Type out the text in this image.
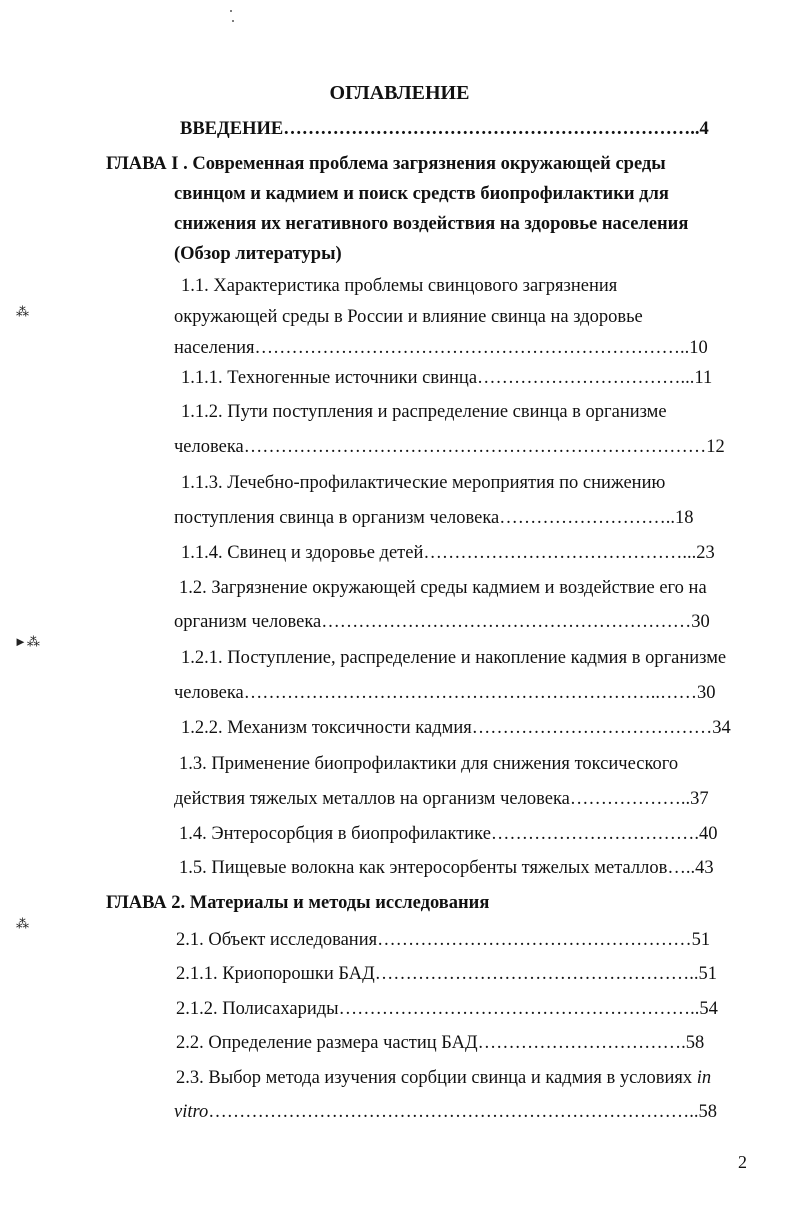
ОГЛАВЛЕНИЕ
ВВЕДЕНИЕ…………………………………………………………..4
ГЛАВА I . Современная проблема загрязнения окружающей среды
свинцом и кадмием и поиск средств биопрофилактики для
снижения их негативного воздействия на здоровье населения
(Обзор литературы)
1.1. Характеристика проблемы свинцового загрязнения
окружающей среды в России и влияние свинца на здоровье
населения……………………………………………………………..10
1.1.1. Техногенные источники свинца……………………………...11
1.1.2. Пути поступления и распределение свинца в организме
человека…………………………………………………………………12
1.1.3. Лечебно-профилактические мероприятия по снижению
поступления свинца в организм человека………………………..18
1.1.4. Свинец и здоровье детей……………………………………...23
1.2. Загрязнение окружающей среды кадмием и воздействие его на
организм человека……………………………………………………30
1.2.1. Поступление, распределение и накопление кадмия в организме
человека…………………………………………………………..……30
1.2.2. Механизм токсичности кадмия…………………………………34
1.3. Применение биопрофилактики для снижения токсического
действия тяжелых металлов на организм человека………………..37
1.4. Энтеросорбция в биопрофилактике…………………………….40
1.5. Пищевые волокна как энтеросорбенты тяжелых металлов…..43
ГЛАВА 2. Материалы и методы исследования
2.1. Объект исследования……………………………………………51
2.1.1. Криопорошки БАД……………………………………………..51
2.1.2. Полисахариды…………………………………………………..54
2.2. Определение размера частиц БАД…………………………….58
2.3. Выбор метода изучения сорбции свинца и кадмия в условиях in
vitro……………………………………………………………………..58
2
⁂
►⁂
⁂
